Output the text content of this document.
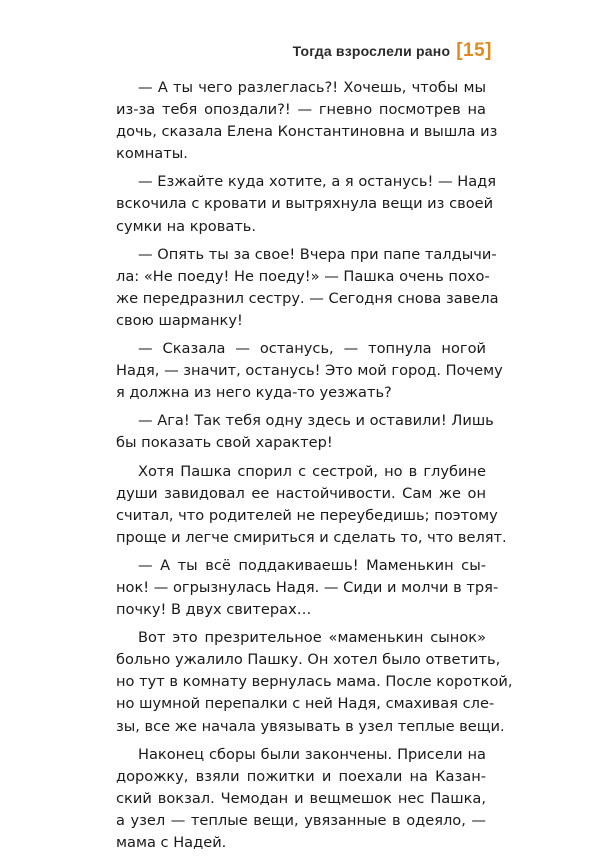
Тогда взрослели рано [15]
— А ты чего разлеглась?! Хочешь, чтобы мы
из-за тебя опоздали?! — гневно посмотрев на
дочь, сказала Елена Константиновна и вышла из
комнаты.
— Езжайте куда хотите, а я останусь! — Надя
вскочила с кровати и вытряхнула вещи из своей
сумки на кровать.
— Опять ты за свое! Вчера при папе талдычи-
ла: «Не поеду! Не поеду!» — Пашка очень похо-
же передразнил сестру. — Сегодня снова завела
свою шарманку!
— Сказала — останусь, — топнула ногой
Надя, — значит, останусь! Это мой город. Почему
я должна из него куда-то уезжать?
— Ага! Так тебя одну здесь и оставили! Лишь
бы показать свой характер!
Хотя Пашка спорил с сестрой, но в глубине
души завидовал ее настойчивости. Сам же он
считал, что родителей не переубедишь; поэтому
проще и легче смириться и сделать то, что велят.
— А ты всё поддакиваешь! Маменькин сы-
нок! — огрызнулась Надя. — Сиди и молчи в тря-
почку! В двух свитерах…
Вот это презрительное «маменькин сынок»
больно ужалило Пашку. Он хотел было ответить,
но тут в комнату вернулась мама. После короткой,
но шумной перепалки с ней Надя, смахивая сле-
зы, все же начала увязывать в узел теплые вещи.
Наконец сборы были закончены. Присели на
дорожку, взяли пожитки и поехали на Казан-
ский вокзал. Чемодан и вещмешок нес Пашка,
а узел — теплые вещи, увязанные в одеяло, —
мама с Надей.
